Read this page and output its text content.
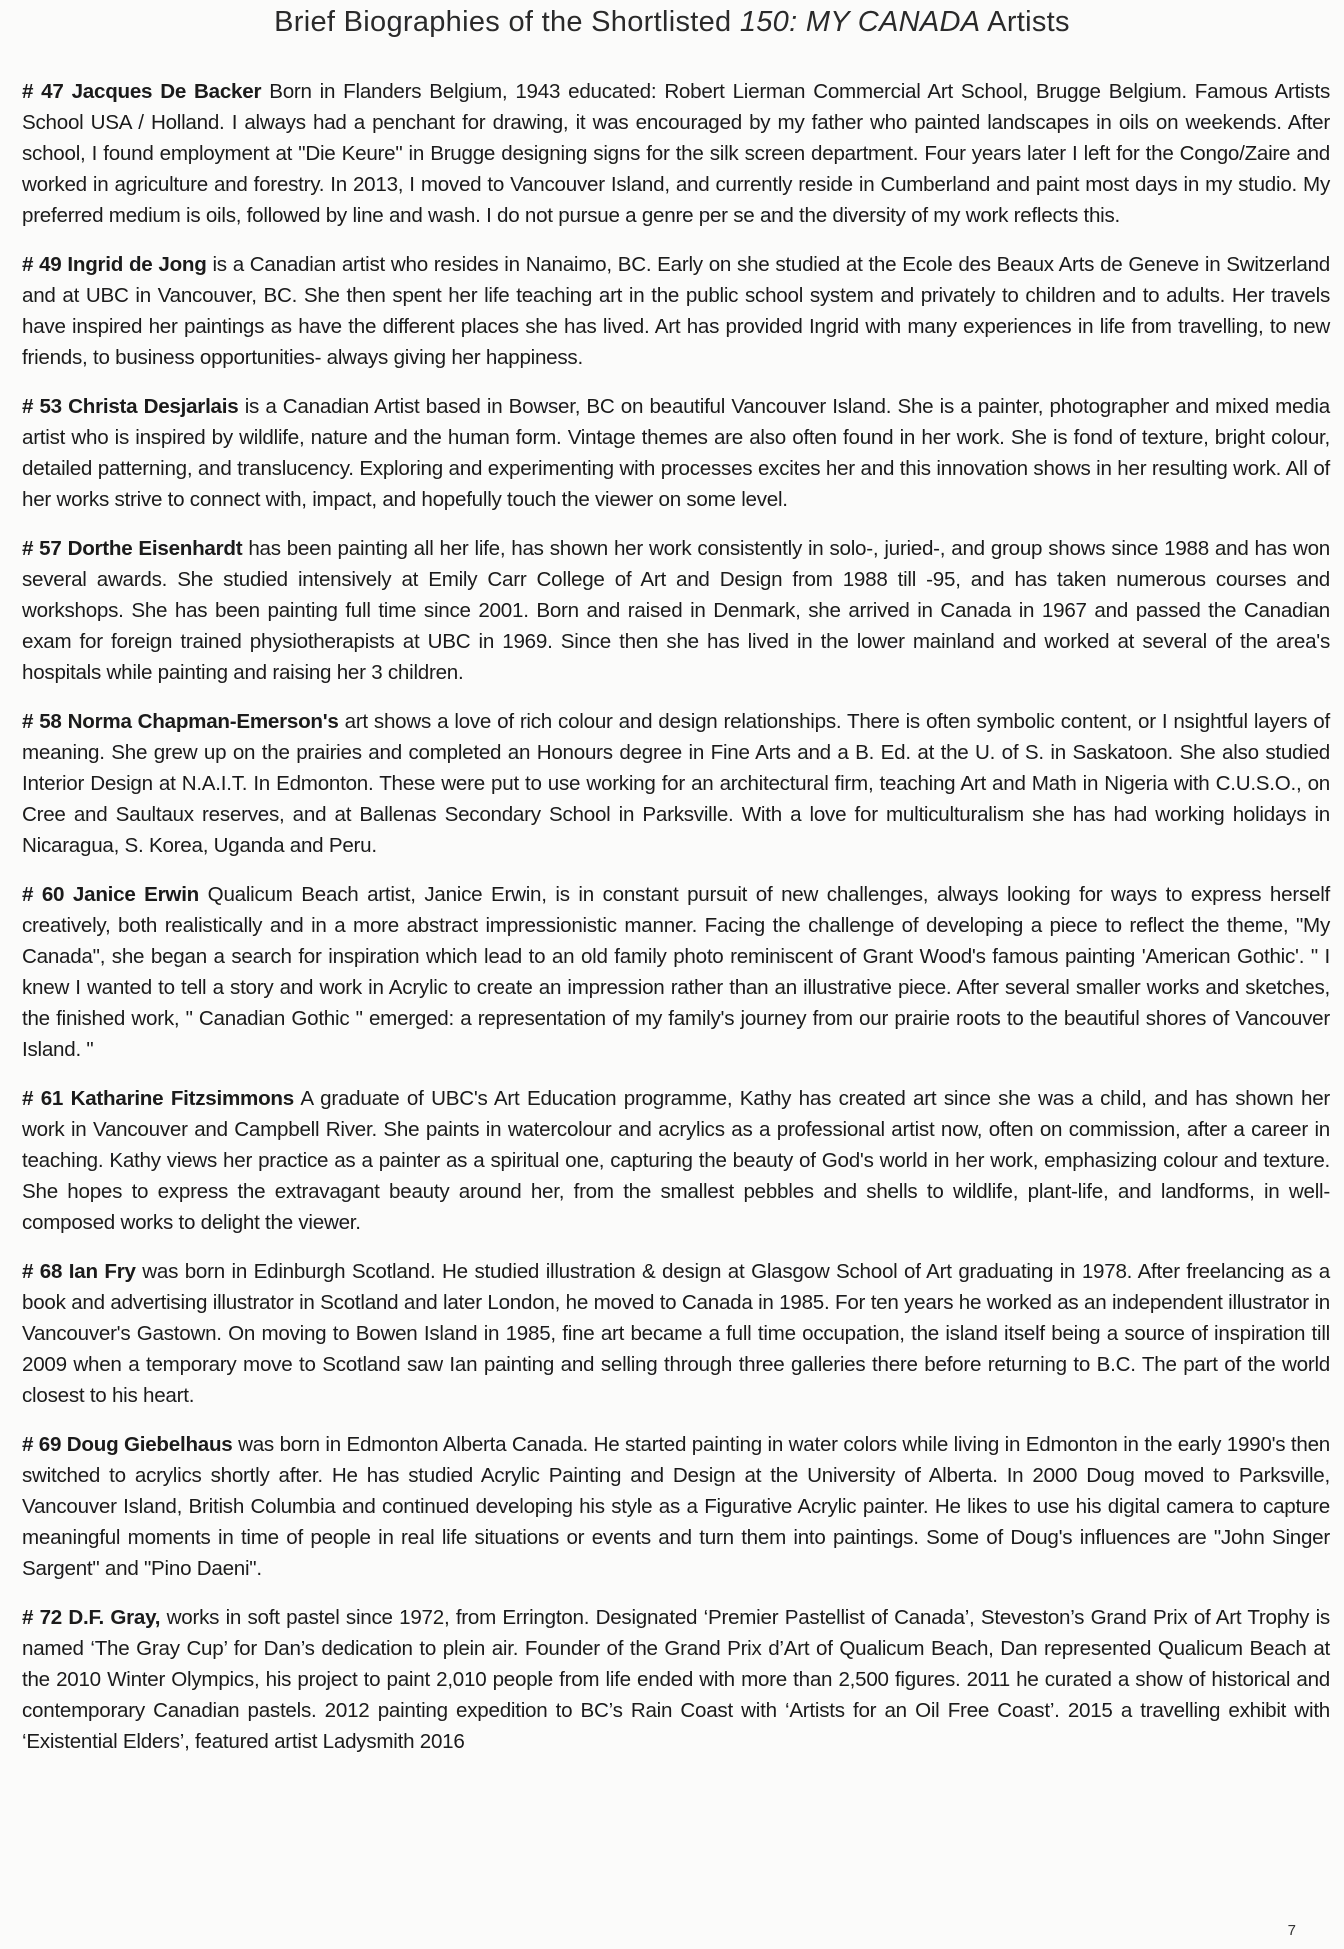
Brief Biographies of the Shortlisted 150: MY CANADA Artists

# 47 Jacques De Backer Born in Flanders Belgium, 1943 educated: Robert Lierman Commercial Art School, Brugge Belgium. Famous Artists School USA / Holland. I always had a penchant for drawing, it was encouraged by my father who painted landscapes in oils on weekends. After school, I found employment at "Die Keure" in Brugge designing signs for the silk screen department. Four years later I left for the Congo/Zaire and worked in agriculture and forestry. In 2013, I moved to Vancouver Island, and currently reside in Cumberland and paint most days in my studio. My preferred medium is oils, followed by line and wash. I do not pursue a genre per se and the diversity of my work reflects this.

# 49 Ingrid de Jong is a Canadian artist who resides in Nanaimo, BC. Early on she studied at the Ecole des Beaux Arts de Geneve in Switzerland and at UBC in Vancouver, BC. She then spent her life teaching art in the public school system and privately to children and to adults. Her travels have inspired her paintings as have the different places she has lived. Art has provided Ingrid with many experiences in life from travelling, to new friends, to business opportunities- always giving her happiness.

# 53 Christa Desjarlais is a Canadian Artist based in Bowser, BC on beautiful Vancouver Island. She is a painter, photographer and mixed media artist who is inspired by wildlife, nature and the human form. Vintage themes are also often found in her work. She is fond of texture, bright colour, detailed patterning, and translucency. Exploring and experimenting with processes excites her and this innovation shows in her resulting work. All of her works strive to connect with, impact, and hopefully touch the viewer on some level.

# 57 Dorthe Eisenhardt has been painting all her life, has shown her work consistently in solo-, juried-, and group shows since 1988 and has won several awards. She studied intensively at Emily Carr College of Art and Design from 1988 till -95, and has taken numerous courses and workshops. She has been painting full time since 2001. Born and raised in Denmark, she arrived in Canada in 1967 and passed the Canadian exam for foreign trained physiotherapists at UBC in 1969. Since then she has lived in the lower mainland and worked at several of the area's hospitals while painting and raising her 3 children.

# 58 Norma Chapman-Emerson's art shows a love of rich colour and design relationships. There is often symbolic content, or I nsightful layers of meaning. She grew up on the prairies and completed an Honours degree in Fine Arts and a B. Ed. at the U. of S. in Saskatoon. She also studied Interior Design at N.A.I.T. In Edmonton. These were put to use working for an architectural firm, teaching Art and Math in Nigeria with C.U.S.O., on Cree and Saultaux reserves, and at Ballenas Secondary School in Parksville. With a love for multiculturalism she has had working holidays in Nicaragua, S. Korea, Uganda and Peru.

# 60 Janice Erwin Qualicum Beach artist, Janice Erwin, is in constant pursuit of new challenges, always looking for ways to express herself creatively, both realistically and in a more abstract impressionistic manner. Facing the challenge of developing a piece to reflect the theme, "My Canada", she began a search for inspiration which lead to an old family photo reminiscent of Grant Wood's famous painting 'American Gothic'. " I knew I wanted to tell a story and work in Acrylic to create an impression rather than an illustrative piece. After several smaller works and sketches, the finished work, " Canadian Gothic " emerged: a representation of my family's journey from our prairie roots to the beautiful shores of Vancouver Island. "

# 61 Katharine Fitzsimmons A graduate of UBC's Art Education programme, Kathy has created art since she was a child, and has shown her work in Vancouver and Campbell River. She paints in watercolour and acrylics as a professional artist now, often on commission, after a career in teaching. Kathy views her practice as a painter as a spiritual one, capturing the beauty of God's world in her work, emphasizing colour and texture. She hopes to express the extravagant beauty around her, from the smallest pebbles and shells to wildlife, plant-life, and landforms, in well-composed works to delight the viewer.

# 68 Ian Fry was born in Edinburgh Scotland. He studied illustration & design at Glasgow School of Art graduating in 1978. After freelancing as a book and advertising illustrator in Scotland and later London, he moved to Canada in 1985. For ten years he worked as an independent illustrator in Vancouver's Gastown. On moving to Bowen Island in 1985, fine art became a full time occupation, the island itself being a source of inspiration till 2009 when a temporary move to Scotland saw Ian painting and selling through three galleries there before returning to B.C. The part of the world closest to his heart.

# 69 Doug Giebelhaus was born in Edmonton Alberta Canada. He started painting in water colors while living in Edmonton in the early 1990's then switched to acrylics shortly after. He has studied Acrylic Painting and Design at the University of Alberta. In 2000 Doug moved to Parksville, Vancouver Island, British Columbia and continued developing his style as a Figurative Acrylic painter. He likes to use his digital camera to capture meaningful moments in time of people in real life situations or events and turn them into paintings. Some of Doug's influences are "John Singer Sargent" and "Pino Daeni".

# 72 D.F. Gray, works in soft pastel since 1972, from Errington. Designated ‘Premier Pastellist of Canada’, Steveston’s Grand Prix of Art Trophy is named ‘The Gray Cup’ for Dan’s dedication to plein air. Founder of the Grand Prix d’Art of Qualicum Beach, Dan represented Qualicum Beach at the 2010 Winter Olympics, his project to paint 2,010 people from life ended with more than 2,500 figures. 2011 he curated a show of historical and contemporary Canadian pastels. 2012 painting expedition to BC’s Rain Coast with ‘Artists for an Oil Free Coast’. 2015 a travelling exhibit with ‘Existential Elders’, featured artist Ladysmith 2016

7
